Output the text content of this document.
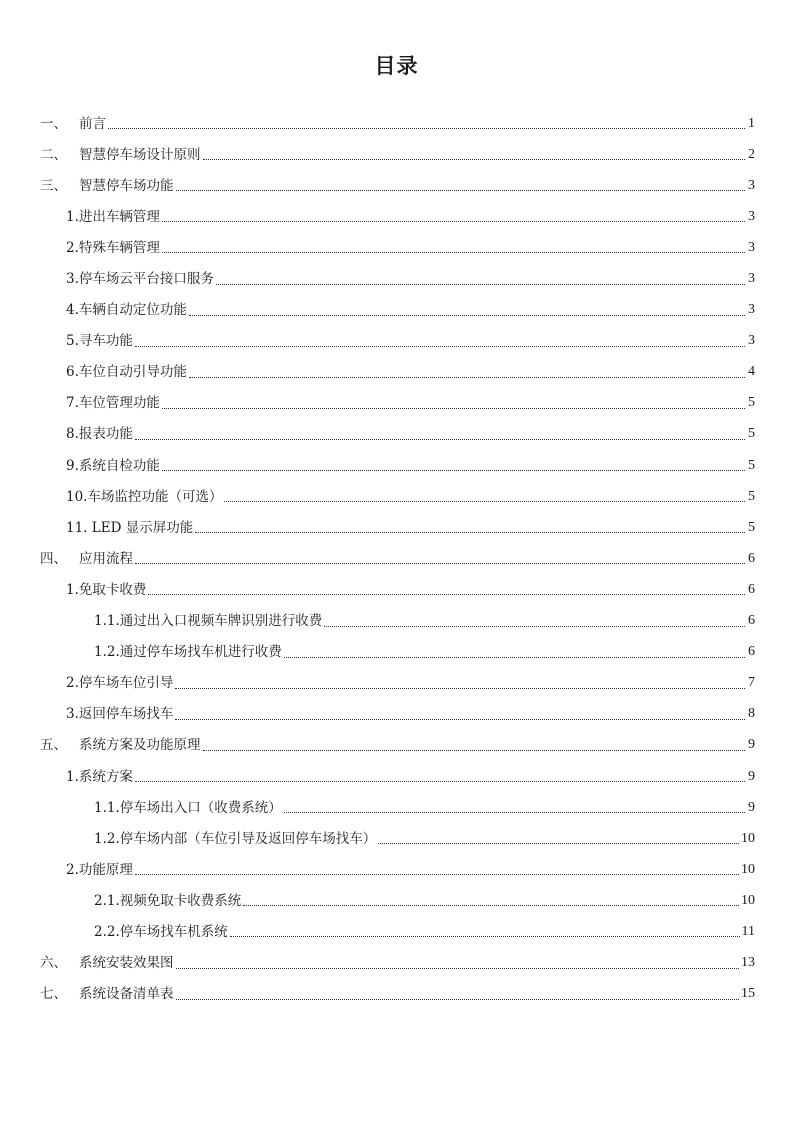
目录
一、 前言	1
二、 智慧停车场设计原则	2
三、 智慧停车场功能	3
1. 进出车辆管理	3
2. 特殊车辆管理	3
3. 停车场云平台接口服务	3
4. 车辆自动定位功能	3
5. 寻车功能	3
6. 车位自动引导功能	4
7. 车位管理功能	5
8. 报表功能	5
9. 系统自检功能	5
10. 车场监控功能（可选）	5
11. LED 显示屏功能	5
四、 应用流程	6
1. 免取卡收费	6
1.1. 通过出入口视频车牌识别进行收费	6
1.2. 通过停车场找车机进行收费	6
2. 停车场车位引导	7
3. 返回停车场找车	8
五、 系统方案及功能原理	9
1. 系统方案	9
1.1. 停车场出入口（收费系统）	9
1.2. 停车场内部（车位引导及返回停车场找车）	10
2. 功能原理	10
2.1. 视频免取卡收费系统	10
2.2. 停车场找车机系统	11
六、 系统安装效果图	13
七、 系统设备清单表	15
